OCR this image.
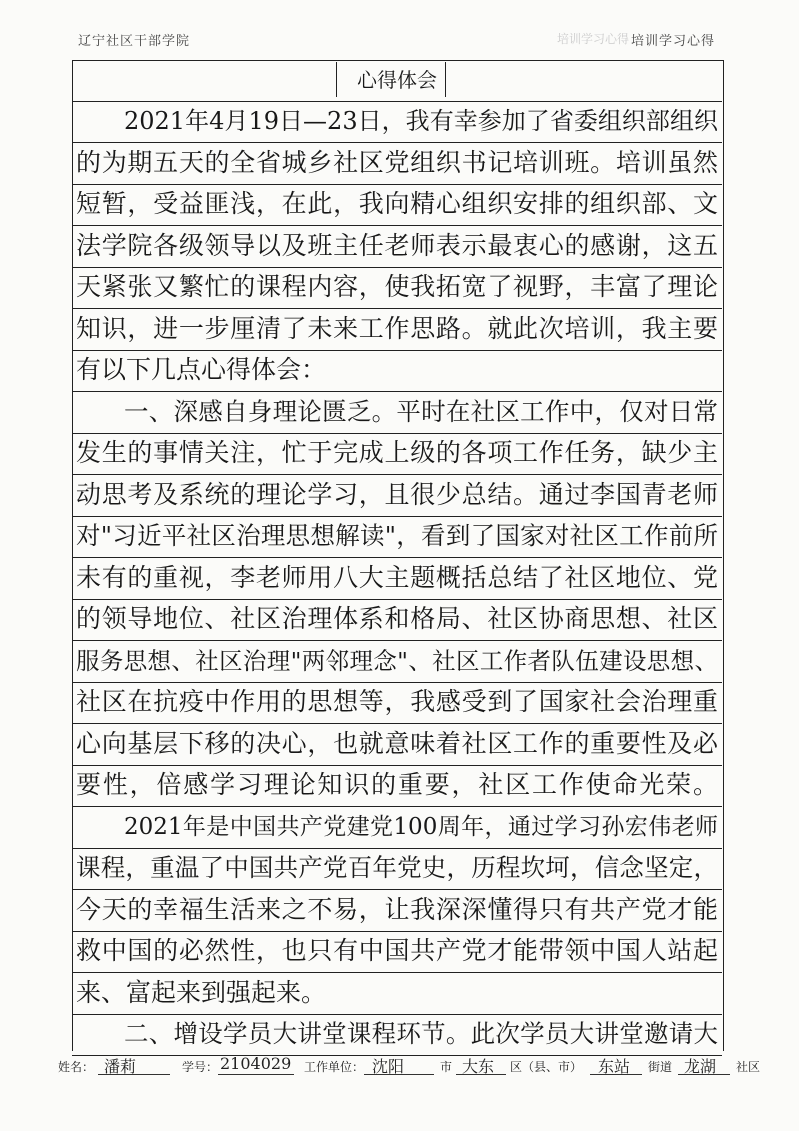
辽宁社区干部学院	培训学习心得 培训学习心得
心得体会
2021年4月19日—23日，我有幸参加了省委组织部组织
的为期五天的全省城乡社区党组织书记培训班。培训虽然
短暂，受益匪浅，在此，我向精心组织安排的组织部、文
法学院各级领导以及班主任老师表示最衷心的感谢，这五
天紧张又繁忙的课程内容，使我拓宽了视野，丰富了理论
知识，进一步厘清了未来工作思路。就此次培训，我主要
有以下几点心得体会：
一、深感自身理论匮乏。平时在社区工作中，仅对日常
发生的事情关注，忙于完成上级的各项工作任务，缺少主
动思考及系统的理论学习，且很少总结。通过李国青老师
对"习近平社区治理思想解读"，看到了国家对社区工作前所
未有的重视，李老师用八大主题概括总结了社区地位、党
的领导地位、社区治理体系和格局、社区协商思想、社区
服务思想、社区治理"两邻理念"、社区工作者队伍建设思想、
社区在抗疫中作用的思想等，我感受到了国家社会治理重
心向基层下移的决心，也就意味着社区工作的重要性及必
要性，倍感学习理论知识的重要，社区工作使命光荣。
2021年是中国共产党建党100周年，通过学习孙宏伟老师
课程，重温了中国共产党百年党史，历程坎坷，信念坚定，
今天的幸福生活来之不易，让我深深懂得只有共产党才能
救中国的必然性，也只有中国共产党才能带领中国人站起
来、富起来到强起来。
二、增设学员大讲堂课程环节。此次学员大讲堂邀请大
姓名： 潘莉	学号： 2104029 工作单位： 沈阳	市 大东 区（县、市） 东站 街道 龙湖 社区
